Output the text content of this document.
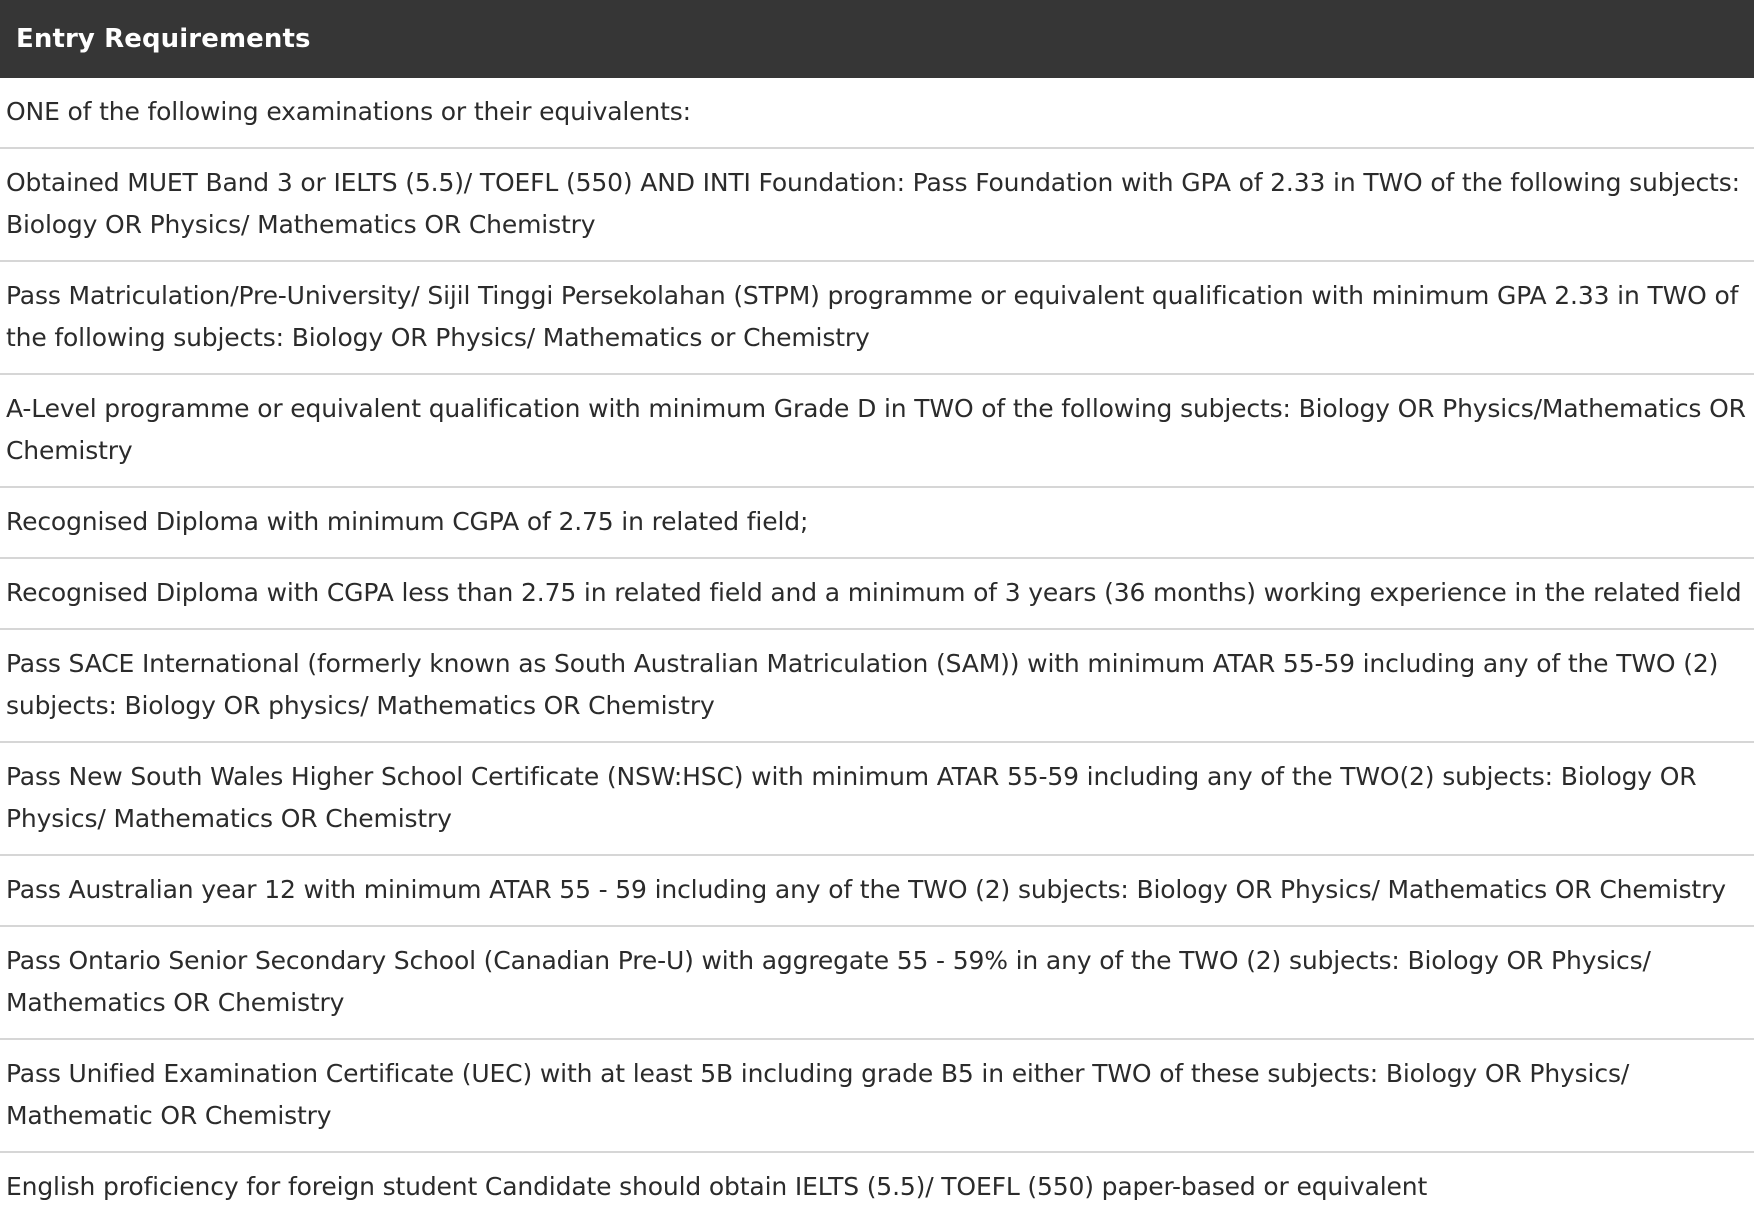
Entry Requirements
ONE of the following examinations or their equivalents:
Obtained MUET Band 3 or IELTS (5.5)/ TOEFL (550) AND INTI Foundation: Pass Foundation with GPA of 2.33 in TWO of the following subjects: Biology OR Physics/ Mathematics OR Chemistry
Pass Matriculation/Pre-University/ Sijil Tinggi Persekolahan (STPM) programme or equivalent qualification with minimum GPA 2.33 in TWO of the following subjects: Biology OR Physics/ Mathematics or Chemistry
A-Level programme or equivalent qualification with minimum Grade D in TWO of the following subjects: Biology OR Physics/Mathematics OR Chemistry
Recognised Diploma with minimum CGPA of 2.75 in related field;
Recognised Diploma with CGPA less than 2.75 in related field and a minimum of 3 years (36 months) working experience in the related field
Pass SACE International (formerly known as South Australian Matriculation (SAM)) with minimum ATAR 55-59 including any of the TWO (2) subjects: Biology OR physics/ Mathematics OR Chemistry
Pass New South Wales Higher School Certificate (NSW:HSC) with minimum ATAR 55-59 including any of the TWO(2) subjects: Biology OR Physics/ Mathematics OR Chemistry
Pass Australian year 12 with minimum ATAR 55 - 59 including any of the TWO (2) subjects: Biology OR Physics/ Mathematics OR Chemistry
Pass Ontario Senior Secondary School (Canadian Pre-U) with aggregate 55 - 59% in any of the TWO (2) subjects: Biology OR Physics/ Mathematics OR Chemistry
Pass Unified Examination Certificate (UEC) with at least 5B including grade B5 in either TWO of these subjects: Biology OR Physics/ Mathematic OR Chemistry
English proficiency for foreign student Candidate should obtain IELTS (5.5)/ TOEFL (550) paper-based or equivalent
